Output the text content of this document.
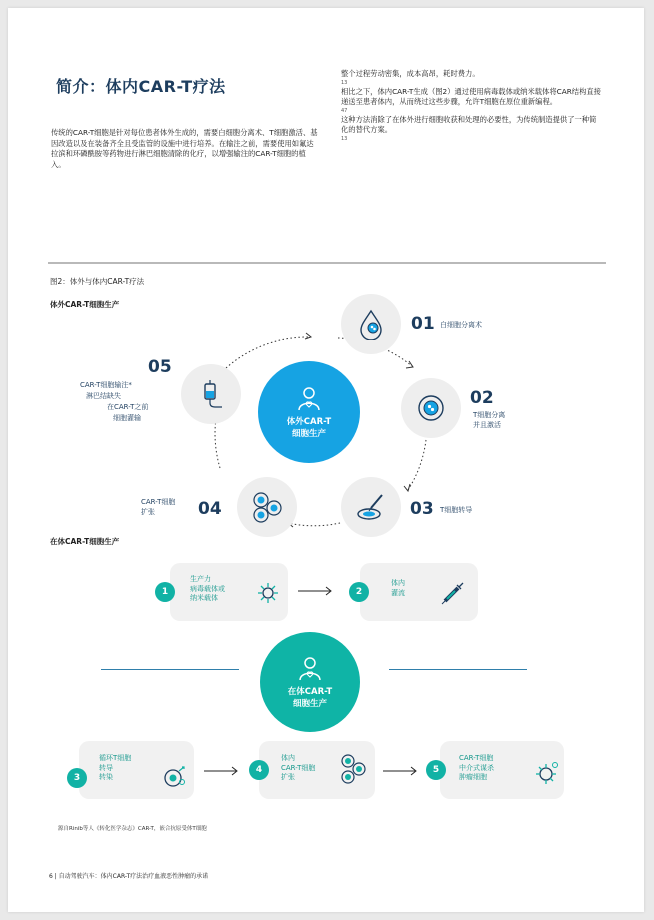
简介：体内CAR-T疗法
传统的CAR-T细胞是针对每位患者体外生成的，需要白细胞分离术、T细胞激活、基因改造以及在装备齐全且受监管的设施中进行培养。在输注之前，需要使用如氟达拉滨和环磷酰胺等药物进行淋巴细胞清除的化疗，以增强输注的CAR-T细胞的植入。
整个过程劳动密集，成本高昂，耗时费力。
13
相比之下，体内CAR-T生成（图2）通过使用病毒载体或纳米载体将CAR结构直接递送至患者体内，从而绕过这些步骤，允许T细胞在原位重新编程。
47
这种方法消除了在体外进行细胞收获和处理的必要性，为传统制造提供了一种简化的替代方案。
13
图2：体外与体内CAR-T疗法
体外CAR-T细胞生产
体外CAR-T
细胞生产
01 白细胞分离术
02
T细胞分离
并且激活
03 T细胞转导
04
CAR-T细胞
扩张
05
CAR-T细胞输注*
淋巴结缺失
在CAR-T之前
细胞灌输
在体CAR-T细胞生产
1
生产力
病毒载体或
纳米载体
2
体内
灌流
在体CAR-T
细胞生产
3
循环T细胞
转导
转染
4
体内
CAR-T细胞
扩张
5
CAR-T细胞
中介式谋杀
肿瘤细胞
源自Rinib等人《转化医学杂志》CAR-T，嵌合抗原受体T细胞
6 | 自动驾驶汽车：体内CAR-T疗法治疗血液恶性肿瘤的承诺
